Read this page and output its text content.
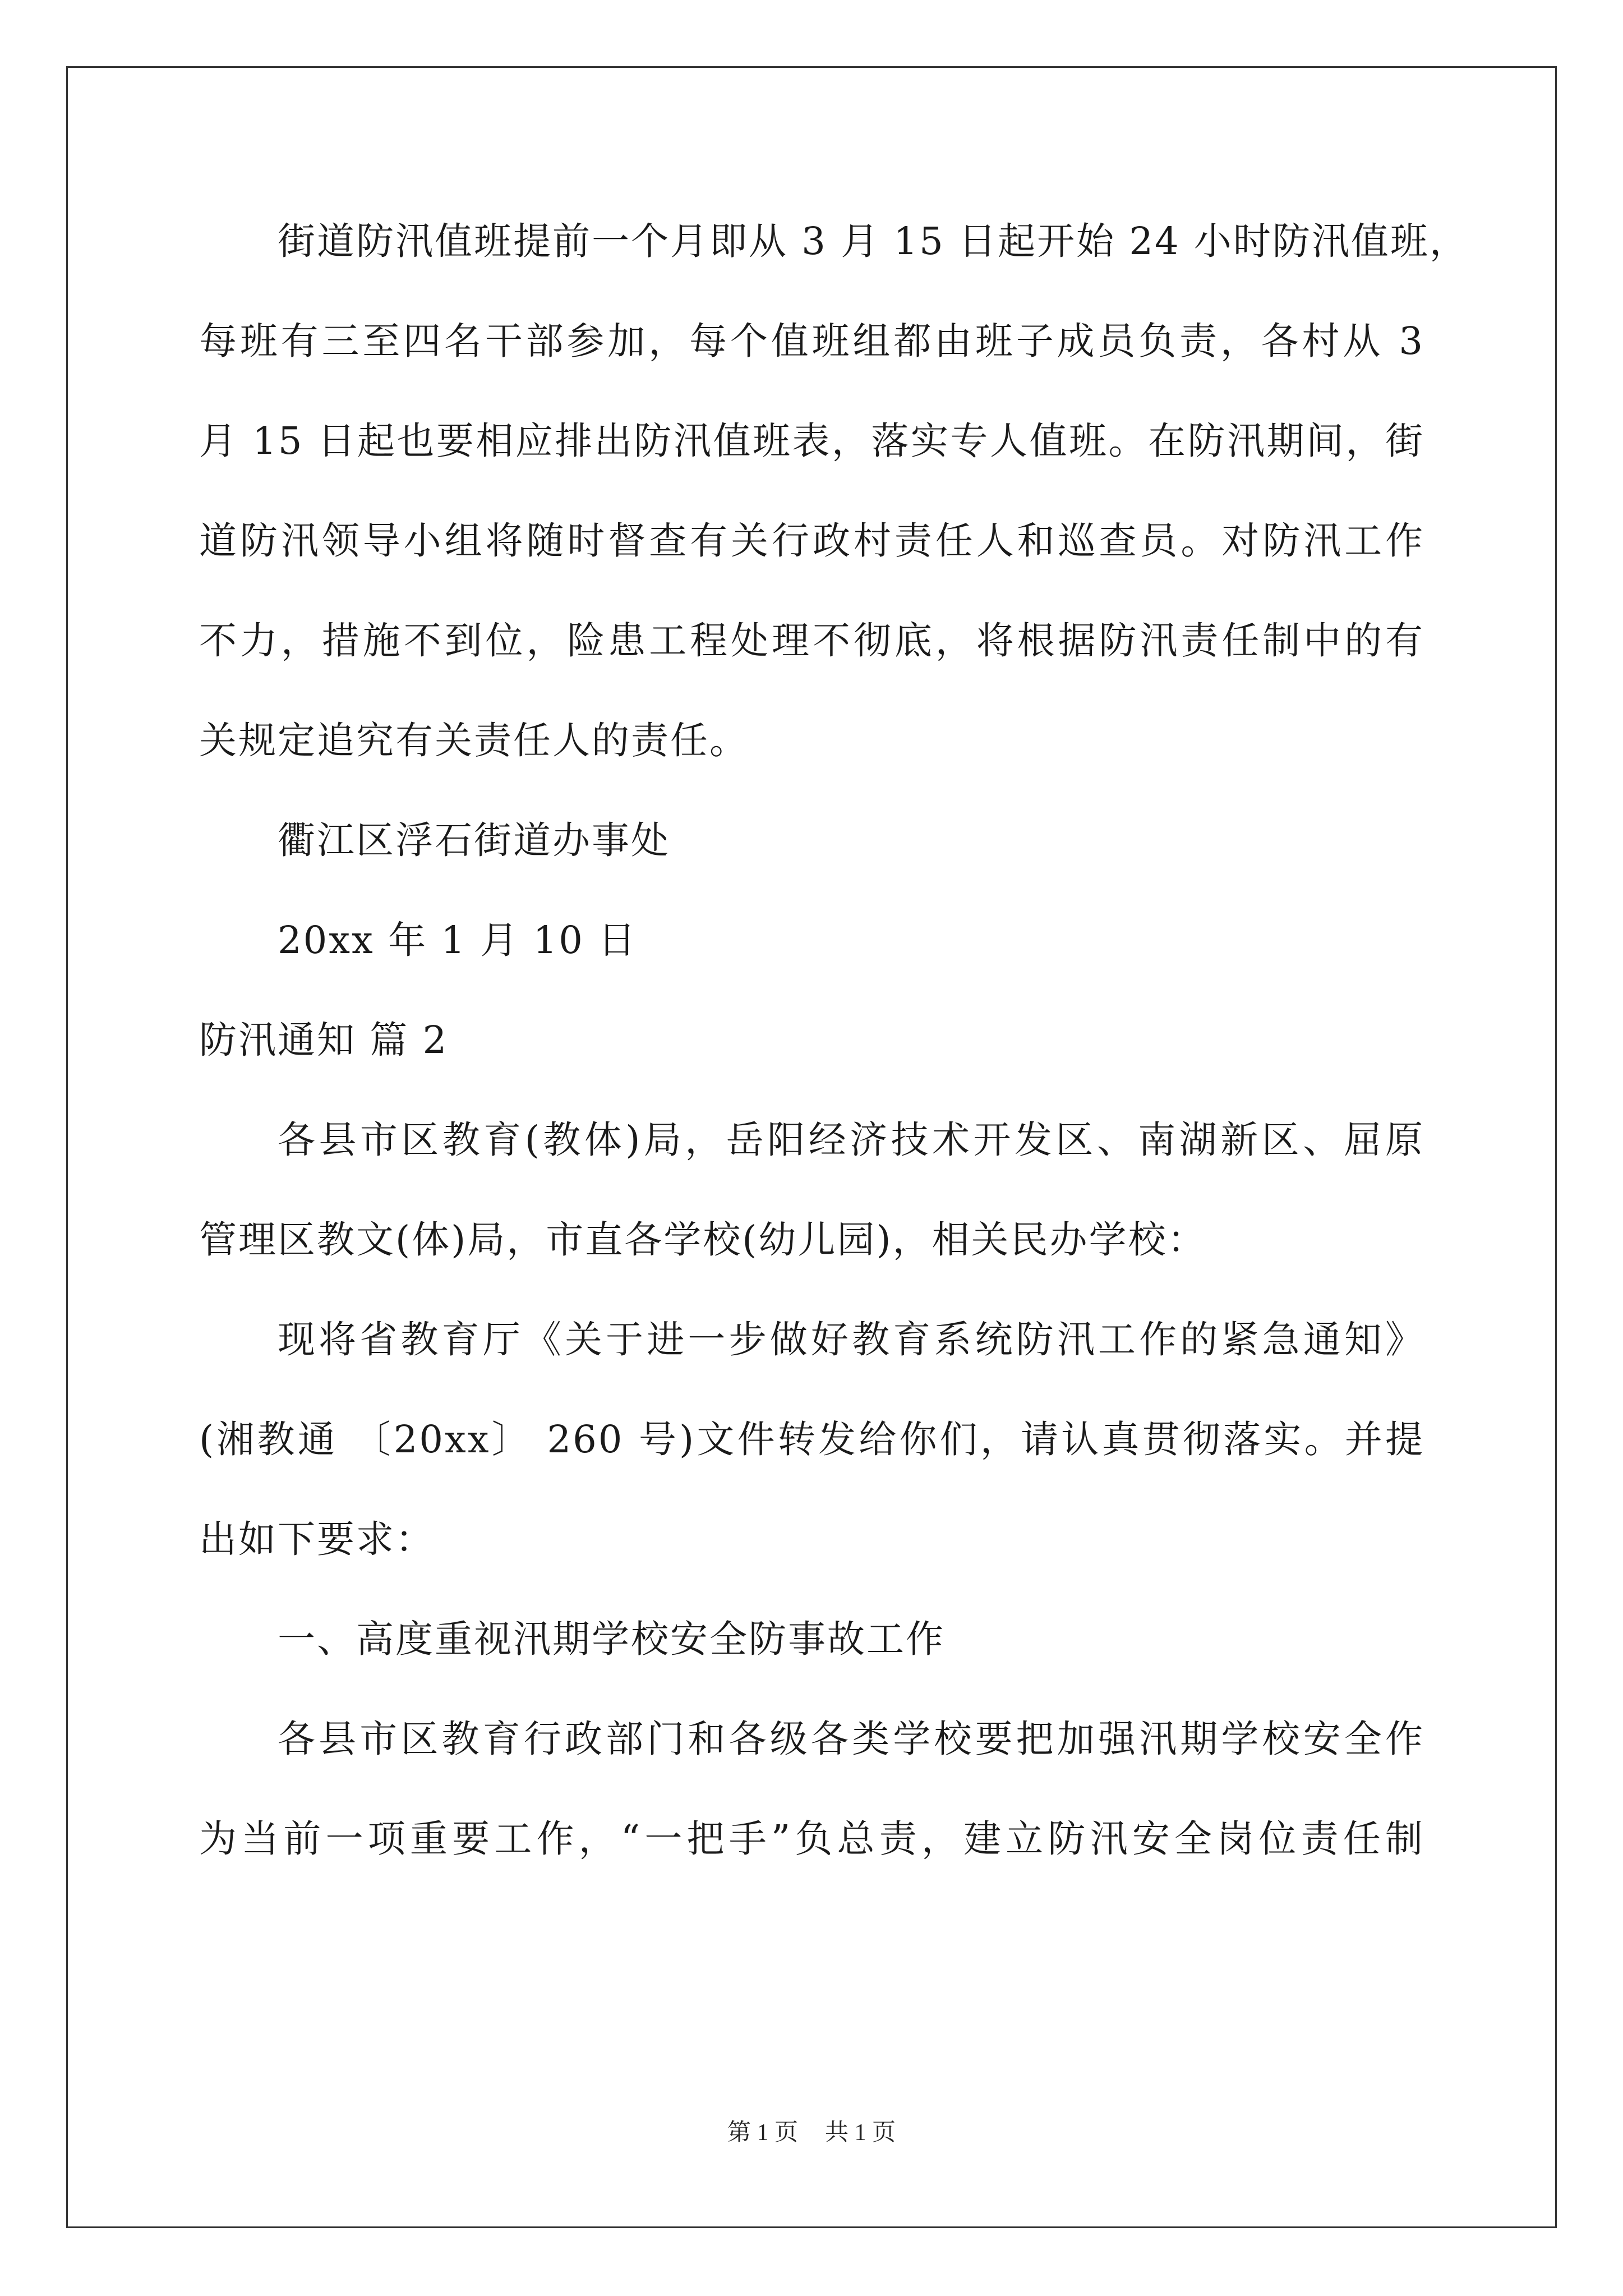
街道防汛值班提前一个月即从 3 月 15 日起开始 24 小时防汛值班，
每班有三至四名干部参加，每个值班组都由班子成员负责，各村从 3
月 15 日起也要相应排出防汛值班表，落实专人值班。在防汛期间，街
道防汛领导小组将随时督查有关行政村责任人和巡查员。对防汛工作
不力，措施不到位，险患工程处理不彻底，将根据防汛责任制中的有
关规定追究有关责任人的责任。
衢江区浮石街道办事处
20xx 年 1 月 10 日
防汛通知 篇 2
各县市区教育(教体)局，岳阳经济技术开发区、南湖新区、屈原
管理区教文(体)局，市直各学校(幼儿园)，相关民办学校：
现将省教育厅《关于进一步做好教育系统防汛工作的紧急通知》
(湘教通 〔20xx〕 260 号)文件转发给你们，请认真贯彻落实。并提
出如下要求：
一、高度重视汛期学校安全防事故工作
各县市区教育行政部门和各级各类学校要把加强汛期学校安全作
为当前一项重要工作，“一把手”负总责，建立防汛安全岗位责任制
第 1 页 共 1 页
